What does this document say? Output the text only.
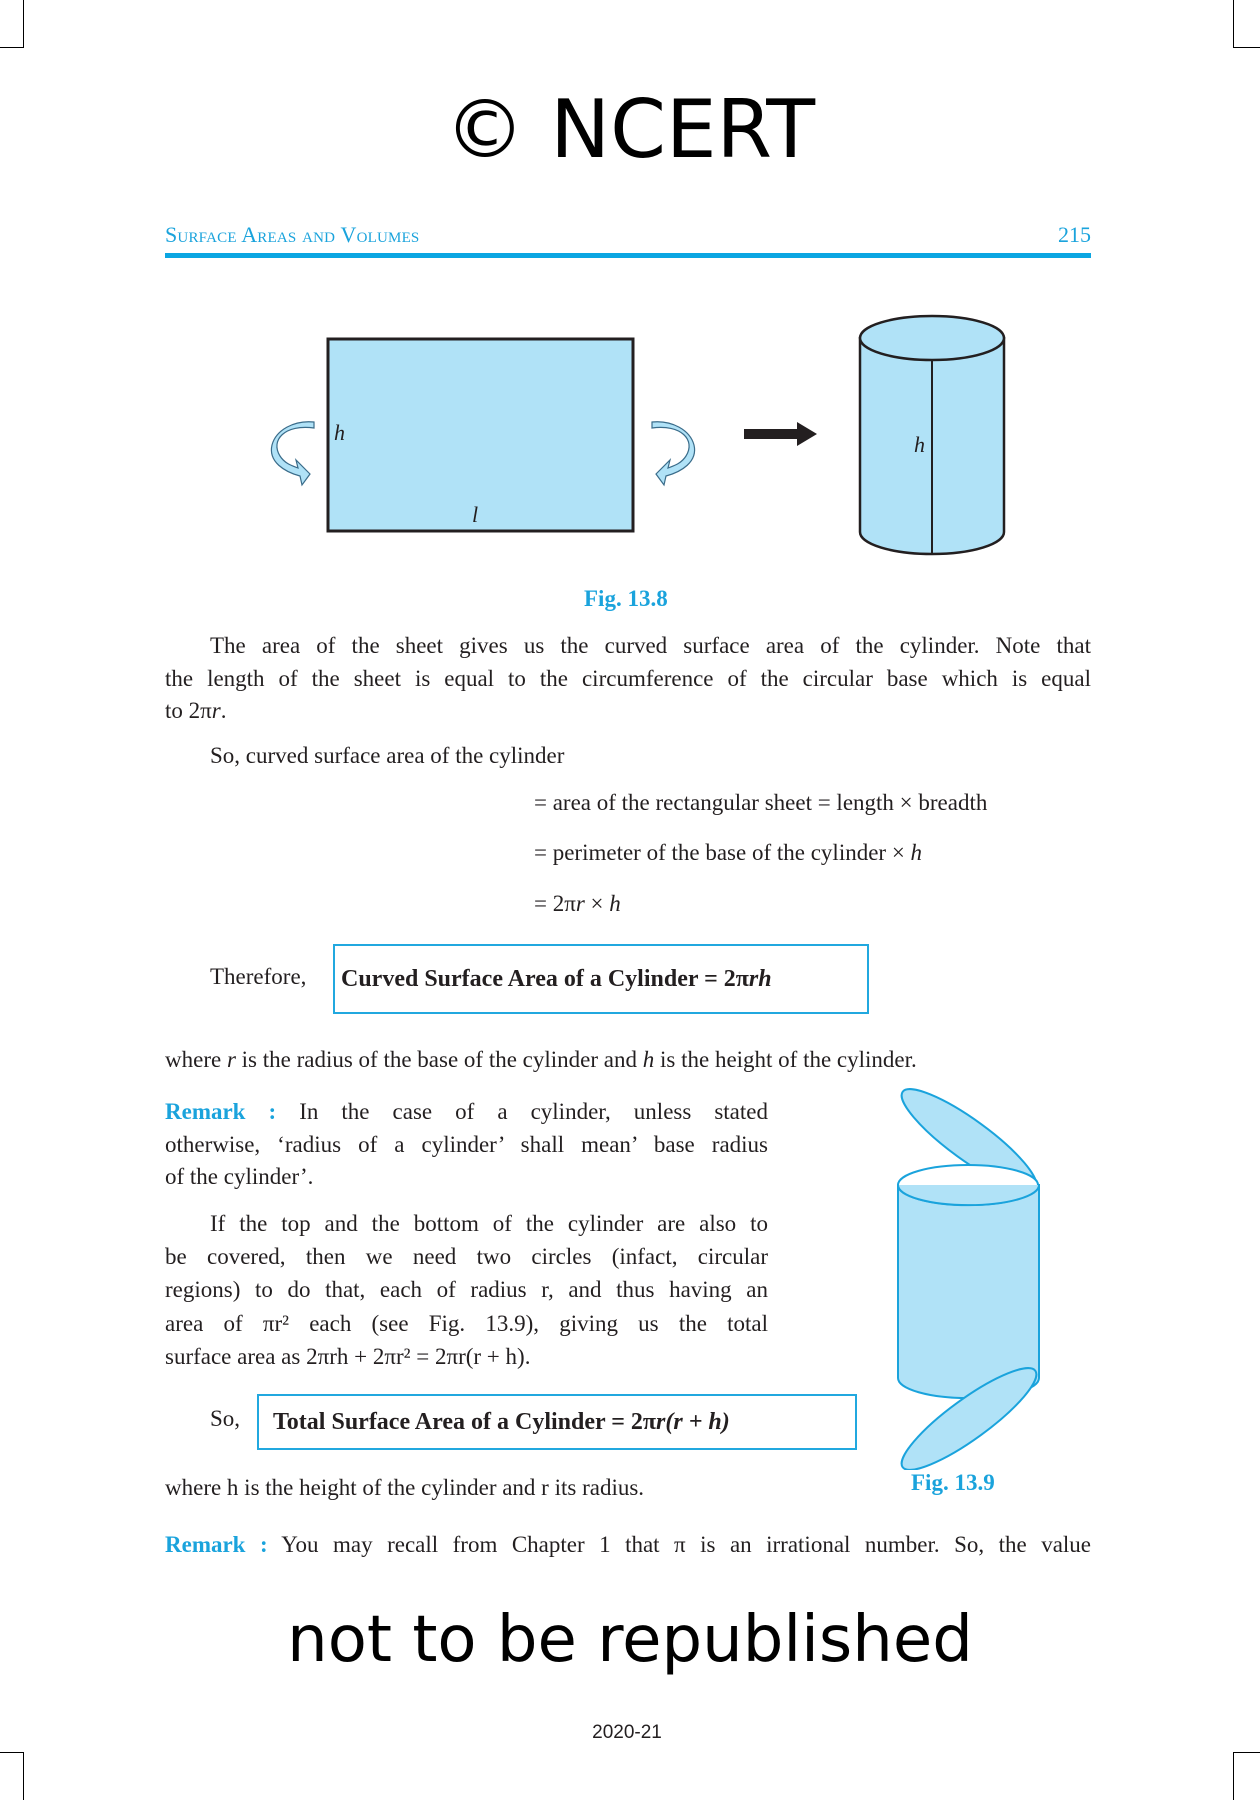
© NCERT
Surface Areas and Volumes	215
h
l
h
Fig. 13.8
The area of the sheet gives us the curved surface area of the cylinder. Note that
the length of the sheet is equal to the circumference of the circular base which is equal
to 2πr.
So, curved surface area of the cylinder
= area of the rectangular sheet = length × breadth
= perimeter of the base of the cylinder × h
= 2πr × h
Therefore, Curved Surface Area of a Cylinder = 2π rh
where r is the radius of the base of the cylinder and h is the height of the cylinder.
Remark : In the case of a cylinder, unless stated
otherwise, ‘radius of a cylinder’ shall mean’ base radius
of the cylinder’.
If the top and the bottom of the cylinder are also to
be covered, then we need two circles (infact, circular
regions) to do that, each of radius r, and thus having an
area of πr² each (see Fig. 13.9), giving us the total
surface area as 2πrh + 2πr² = 2πr(r + h).
So, Total Surface Area of a Cylinder = 2π r(r + h)
where h is the height of the cylinder and r its radius.	Fig. 13.9
Remark : You may recall from Chapter 1 that π is an irrational number. So, the value
not to be republished
2020-21
